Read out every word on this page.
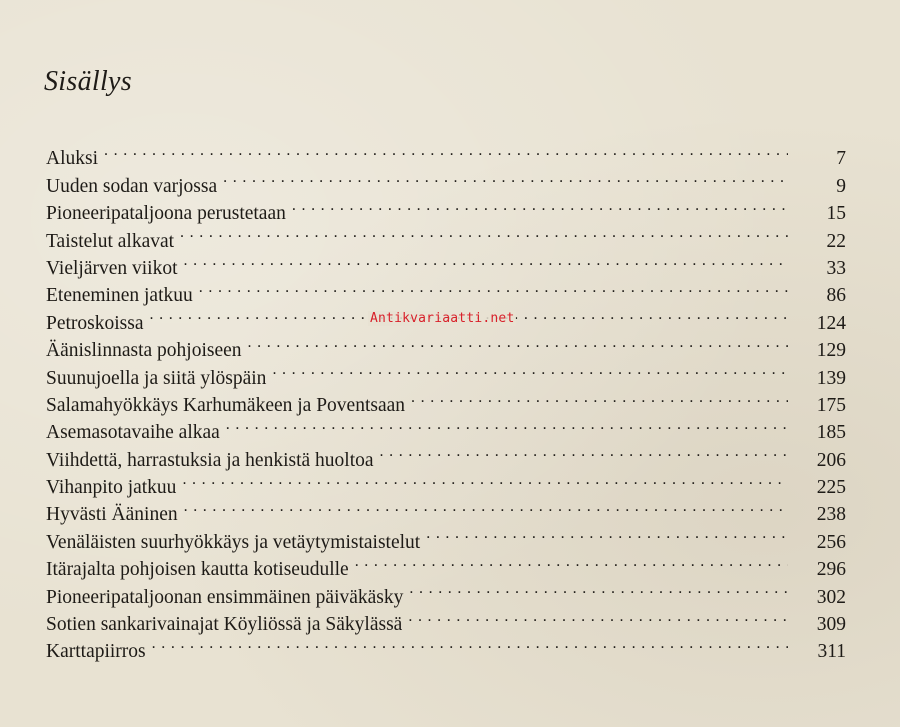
Sisällys
Aluksi . . .	7
Uuden sodan varjossa . . .	9
Pioneeripataljoona perustetaan . . .	15
Taistelut alkavat . . .	22
Vieljärven viikot . . .	33
Eteneminen jatkuu . . .	86
Petroskoissa . . .	124
Äänislinnasta pohjoiseen . . .	129
Suunujoella ja siitä ylöspäin . . .	139
Salamahyökkäys Karhumäkeen ja Poventsaan . . .	175
Asemasotavaihe alkaa . . .	185
Viihdettä, harrastuksia ja henkistä huoltoa . . .	206
Vihanpito jatkuu . . .	225
Hyvästi Ääninen . . .	238
Venäläisten suurhyökkäys ja vetäytymistaistelut . . .	256
Itärajalta pohjoisen kautta kotiseudulle . . .	296
Pioneeripataljoonan ensimmäinen päiväkäsky . . .	302
Sotien sankarivainajat Köyliössä ja Säkylässä . . .	309
Karttapiirros . . .	311
Antikvariaatti.net
